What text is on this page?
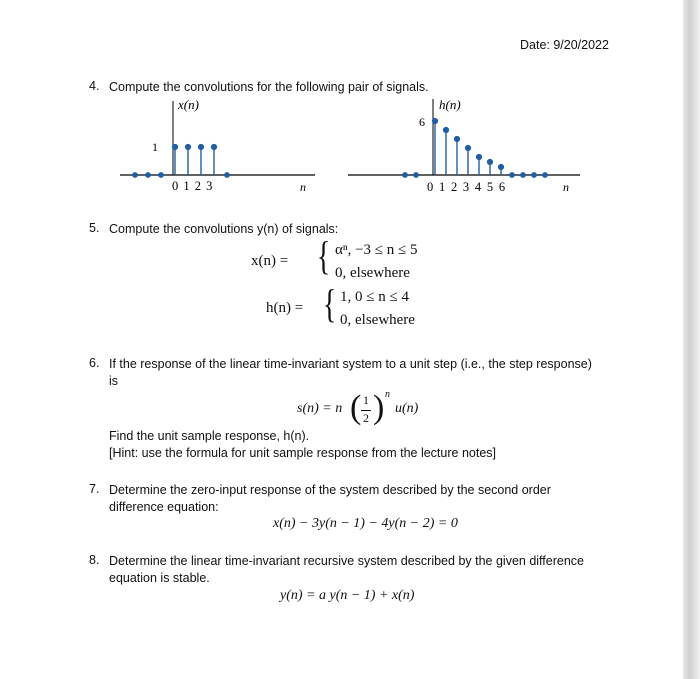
Date: 9/20/2022
4. Compute the convolutions for the following pair of signals.
x(n)
1
0 1 2 3	n
h(n)
6
0 1 2 3 4 5 6	n
5. Compute the convolutions y(n) of signals:
x(n) = { αⁿ, −3 ≤ n ≤ 5
0, elsewhere
h(n) = { 1, 0 ≤ n ≤ 4
0, elsewhere
6. If the response of the linear time-invariant system to a unit step (i.e., the step response)
is
s(n) = n ( 1
2 ) n
u(n)
Find the unit sample response, h(n).
[Hint: use the formula for unit sample response from the lecture notes]
7. Determine the zero-input response of the system described by the second order
difference equation:
x(n) − 3y(n − 1) − 4y(n − 2) = 0
8. Determine the linear time-invariant recursive system described by the given difference
equation is stable.
y(n) = a y(n − 1) + x(n)
